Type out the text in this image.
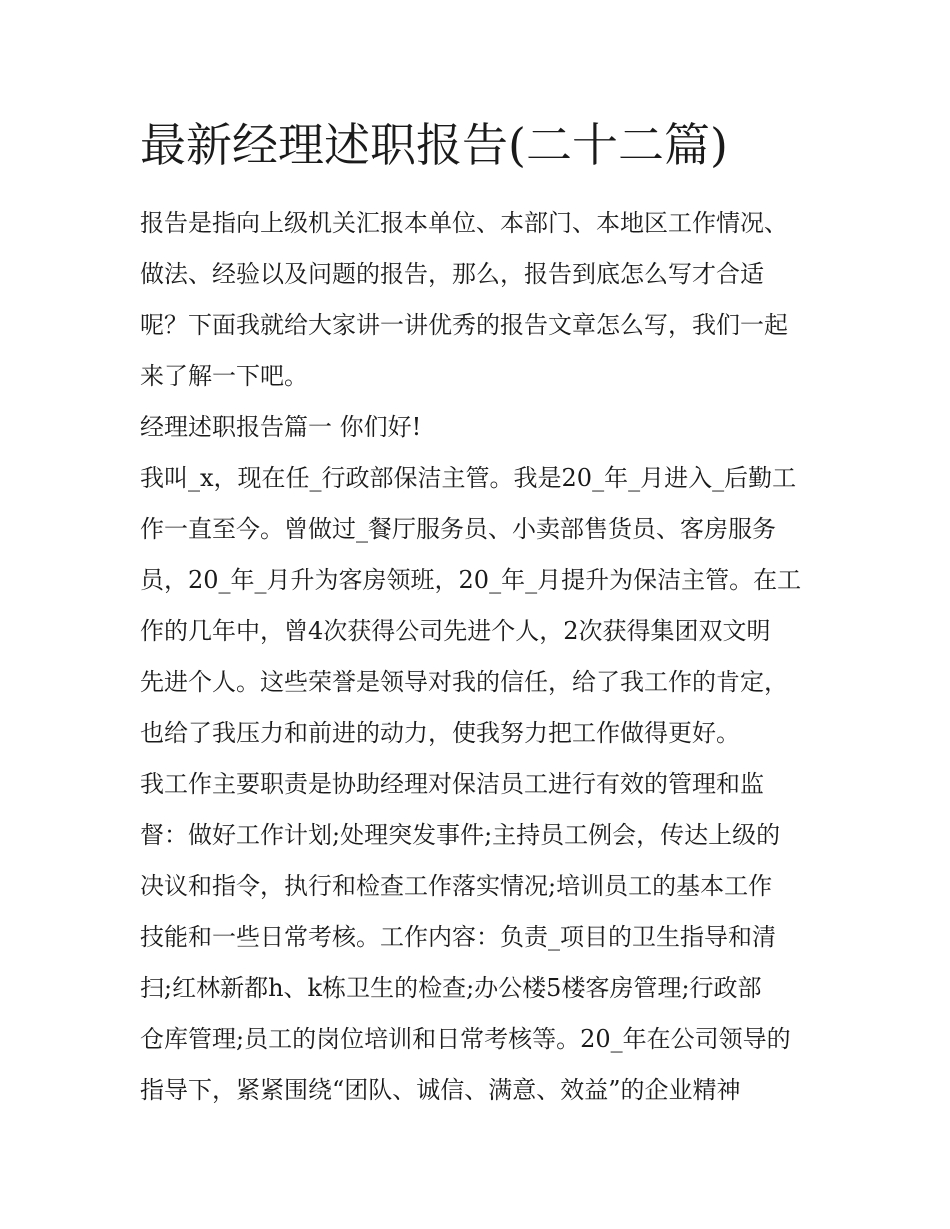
最新经理述职报告(二十二篇)
报告是指向上级机关汇报本单位、本部门、本地区工作情况、
做法、经验以及问题的报告，那么，报告到底怎么写才合适
呢？下面我就给大家讲一讲优秀的报告文章怎么写，我们一起
来了解一下吧。
经理述职报告篇一 你们好!
我叫_x，现在任_行政部保洁主管。我是20_年_月进入_后勤工
作一直至今。曾做过_餐厅服务员、小卖部售货员、客房服务
员，20_年_月升为客房领班，20_年_月提升为保洁主管。在工
作的几年中，曾4次获得公司先进个人，2次获得集团双文明
先进个人。这些荣誉是领导对我的信任，给了我工作的肯定，
也给了我压力和前进的动力，使我努力把工作做得更好。
我工作主要职责是协助经理对保洁员工进行有效的管理和监
督：做好工作计划;处理突发事件;主持员工例会，传达上级的
决议和指令，执行和检查工作落实情况;培训员工的基本工作
技能和一些日常考核。工作内容：负责_项目的卫生指导和清
扫;红林新都h、k栋卫生的检查;办公楼5楼客房管理;行政部
仓库管理;员工的岗位培训和日常考核等。20_年在公司领导的
指导下，紧紧围绕“团队、诚信、满意、效益”的企业精神
